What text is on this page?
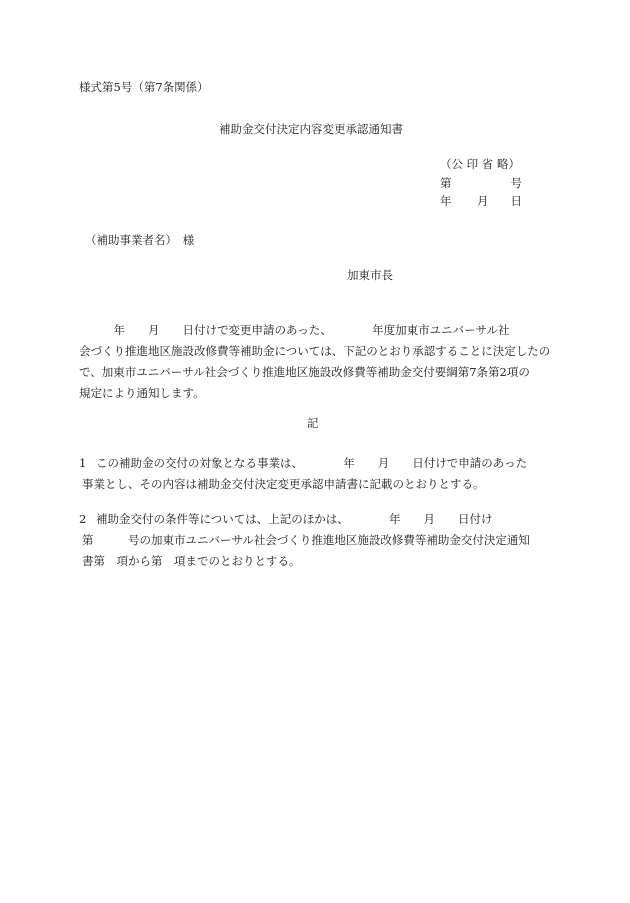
様式第5号（第7条関係）
補助金交付決定内容変更承認通知書
（公 印 省 略）
第	号
年 月 日
（補助事業者名）　様
加東市長
　　　年　　月　　日付けで変更申請のあった、　　　　年度加東市ユニバーサル社
会づくり推進地区施設改修費等補助金については、下記のとおり承認することに決定したの
で、加東市ユニバーサル社会づくり推進地区施設改修費等補助金交付要綱第7条第2項の
規定により通知します。
記
1 この補助金の交付の対象となる事業は、　　　　年　　月　　日付けで申請のあった
事業とし、その内容は補助金交付決定変更承認申請書に記載のとおりとする。
2 補助金交付の条件等については、上記のほかは、　　　　年　　月　　日付け
第　　　号の加東市ユニバーサル社会づくり推進地区施設改修費等補助金交付決定通知
書第　項から第　項までのとおりとする。
